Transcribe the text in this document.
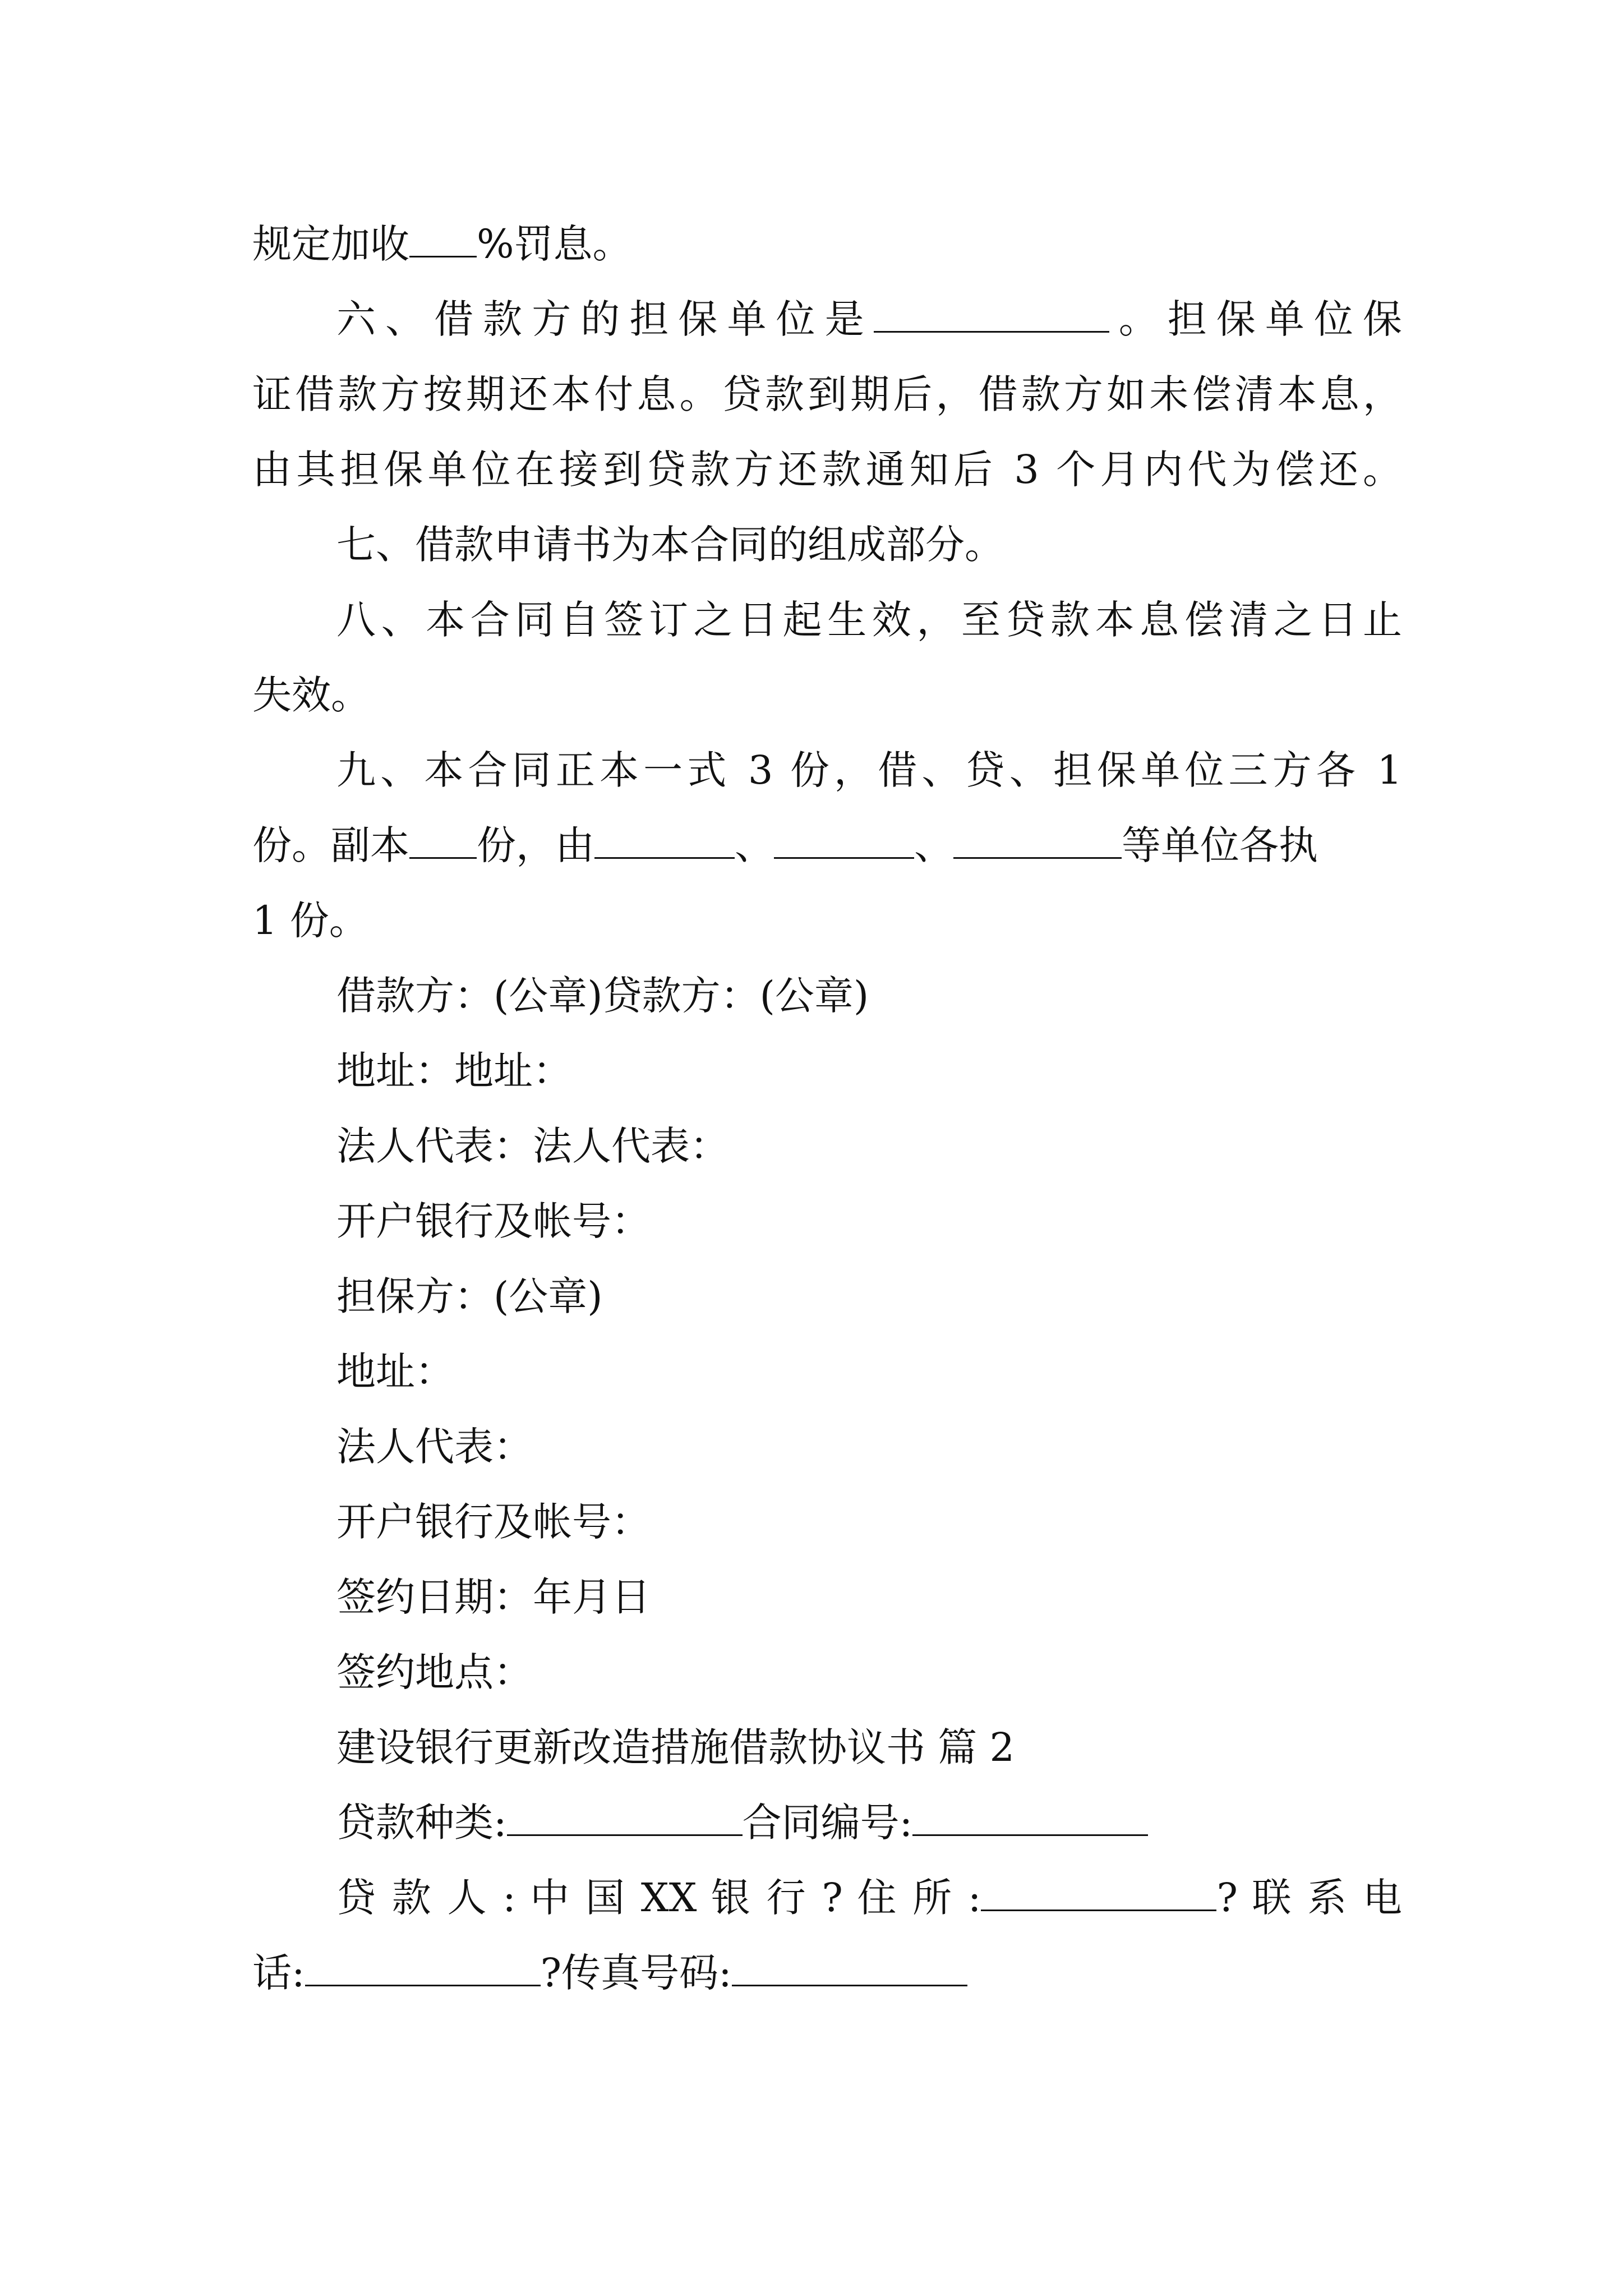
规定加收 %罚息。
六、借款方的担保单位是	。担保单位保
证借款方按期还本付息。贷款到期后，借款方如未偿清本息，
由其担保单位在接到贷款方还款通知后 3 个月内代为偿还。
七、借款申请书为本合同的组成部分。
八、本合同自签订之日起生效，至贷款本息偿清之日止
失效。
九、本合同正本一式 3 份，借、贷、担保单位三方各 1
份。副本 份，由	、	、	等单位各执
1 份。
借款方：(公章)贷款方：(公章)
地址：地址：
法人代表：法人代表：
开户银行及帐号：
担保方：(公章)
地址：
法人代表：
开户银行及帐号：
签约日期：年月日
签约地点：
建设银行更新改造措施借款协议书 篇 2
贷款种类:	合同编号:
贷 款 人 : 中 国 XX 银 行 ? 住 所 :	? 联 系 电
话:	?传真号码:
